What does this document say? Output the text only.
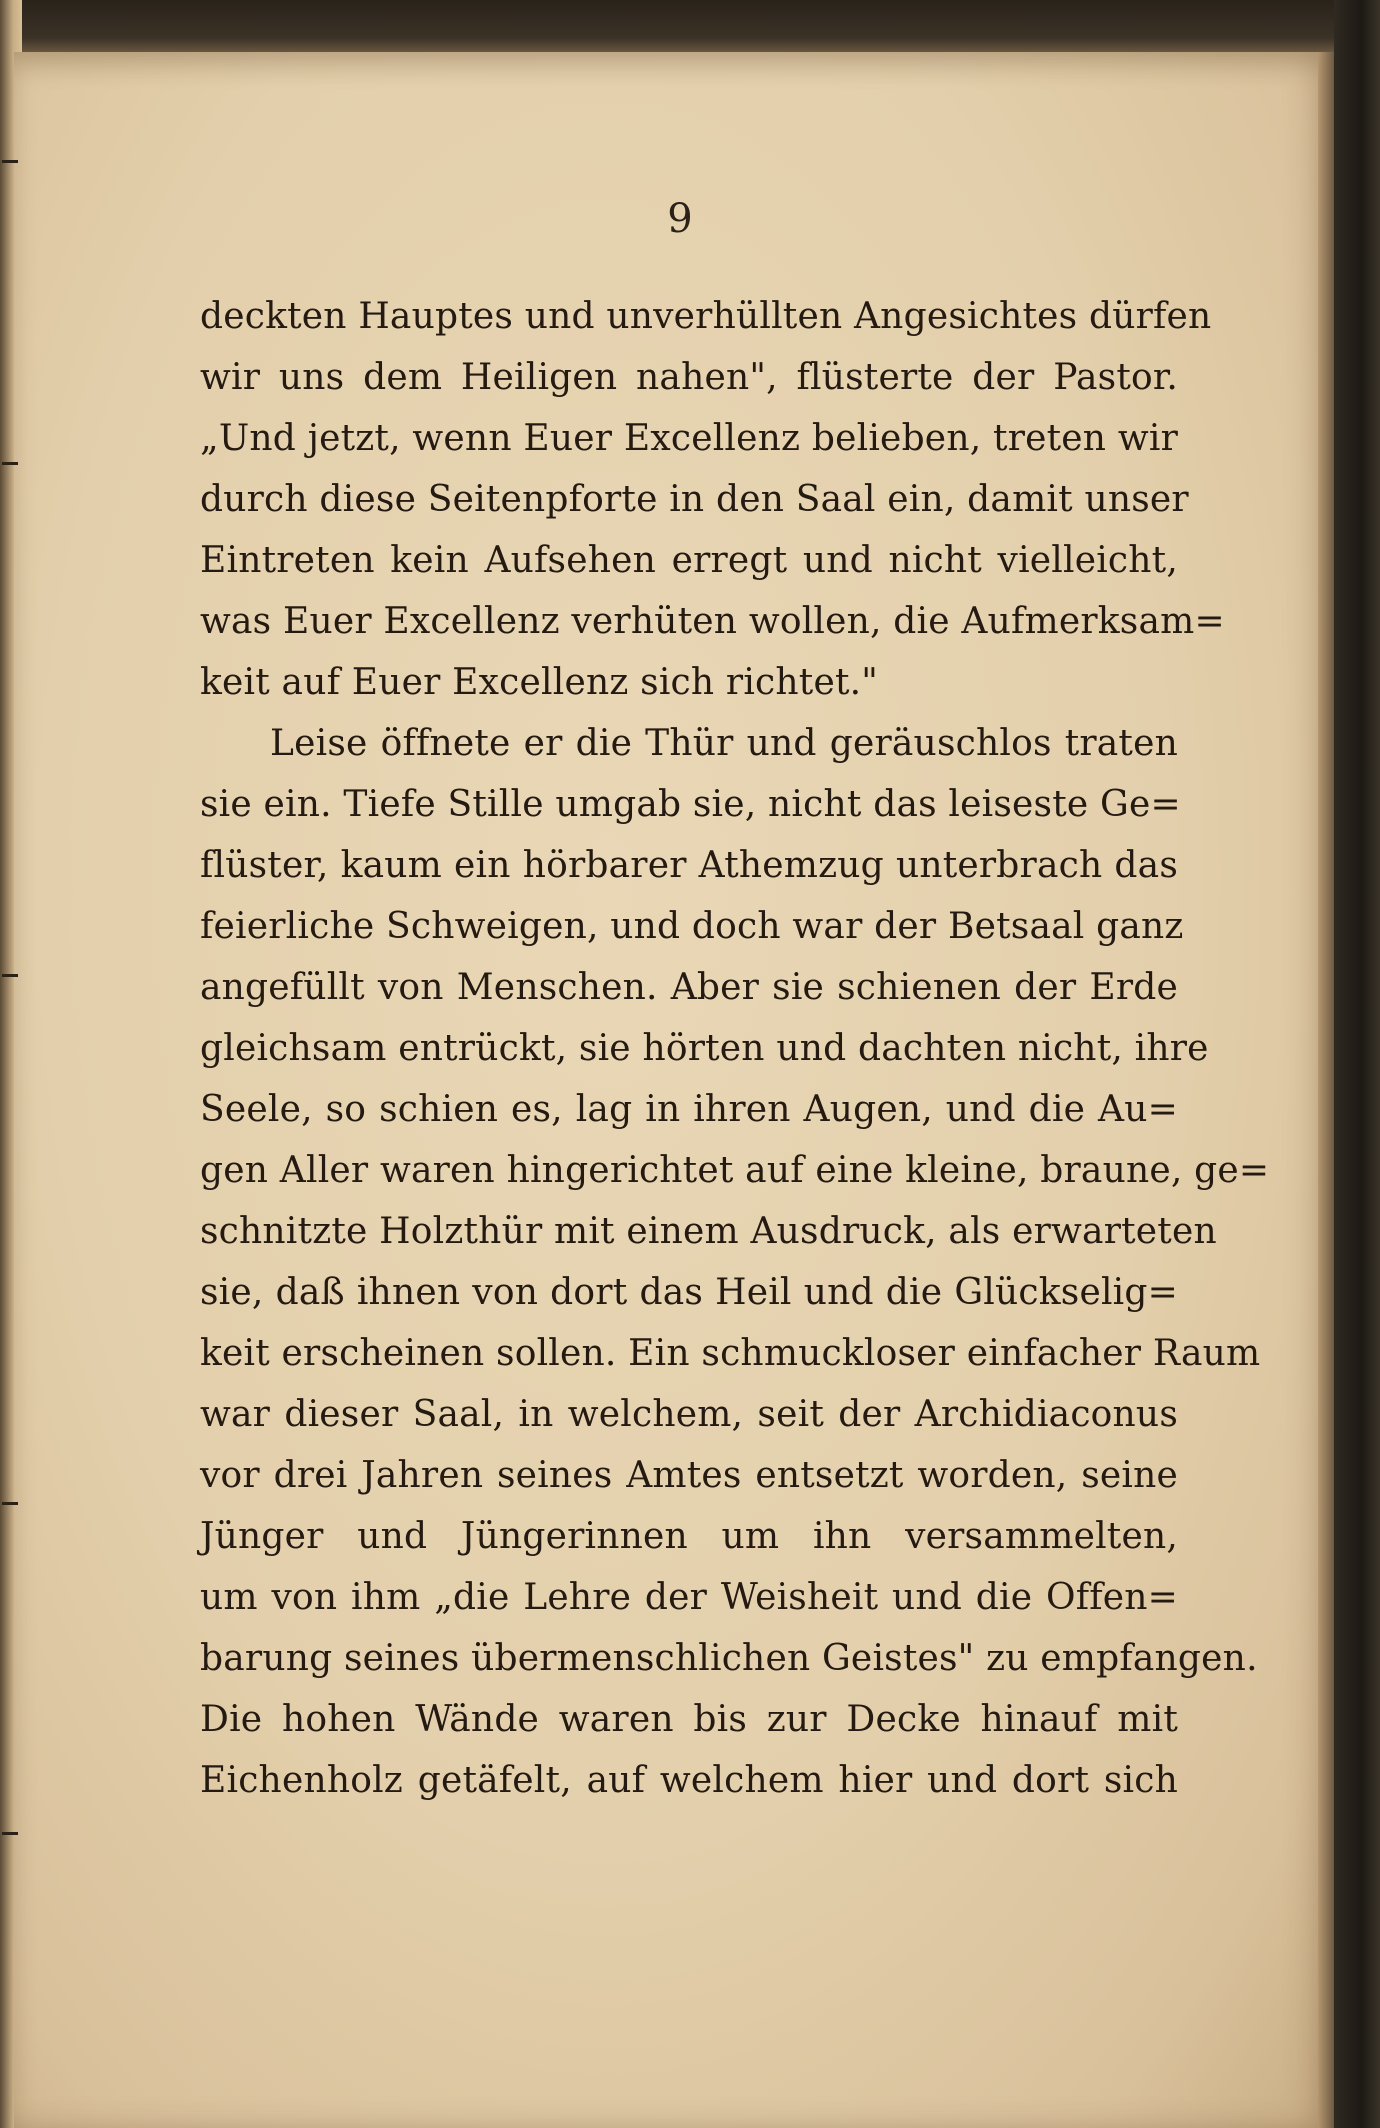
9
deckten Hauptes und unverhüllten Angesichtes dürfen
wir uns dem Heiligen nahen", flüsterte der Pastor.
„Und jetzt, wenn Euer Excellenz belieben, treten wir
durch diese Seitenpforte in den Saal ein, damit unser
Eintreten kein Aufsehen erregt und nicht vielleicht,
was Euer Excellenz verhüten wollen, die Aufmerksam=
keit auf Euer Excellenz sich richtet."
Leise öffnete er die Thür und geräuschlos traten
sie ein. Tiefe Stille umgab sie, nicht das leiseste Ge=
flüster, kaum ein hörbarer Athemzug unterbrach das
feierliche Schweigen, und doch war der Betsaal ganz
angefüllt von Menschen. Aber sie schienen der Erde
gleichsam entrückt, sie hörten und dachten nicht, ihre
Seele, so schien es, lag in ihren Augen, und die Au=
gen Aller waren hingerichtet auf eine kleine, braune, ge=
schnitzte Holzthür mit einem Ausdruck, als erwarteten
sie, daß ihnen von dort das Heil und die Glückselig=
keit erscheinen sollen. Ein schmuckloser einfacher Raum
war dieser Saal, in welchem, seit der Archidiaconus
vor drei Jahren seines Amtes entsetzt worden, seine
Jünger und Jüngerinnen um ihn versammelten,
um von ihm „die Lehre der Weisheit und die Offen=
barung seines übermenschlichen Geistes" zu empfangen.
Die hohen Wände waren bis zur Decke hinauf mit
Eichenholz getäfelt, auf welchem hier und dort sich
